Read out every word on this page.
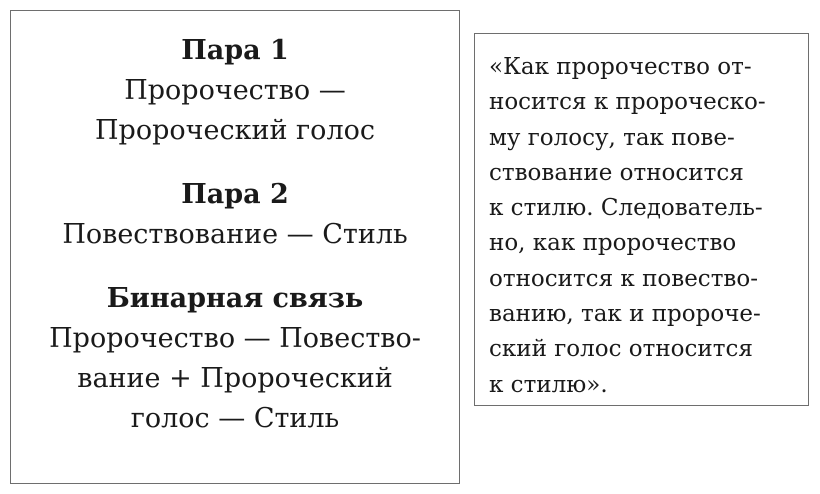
Пара 1
Пророчество —
Пророческий голос
Пара 2
Повествование — Стиль
Бинарная связь
Пророчество — Повество-
вание + Пророческий
голос — Стиль
«Как пророчество от-
носится к пророческо-
му голосу, так пове-
ствование относится
к стилю. Следователь-
но, как пророчество
относится к повество-
ванию, так и пророче-
ский голос относится
к стилю».
